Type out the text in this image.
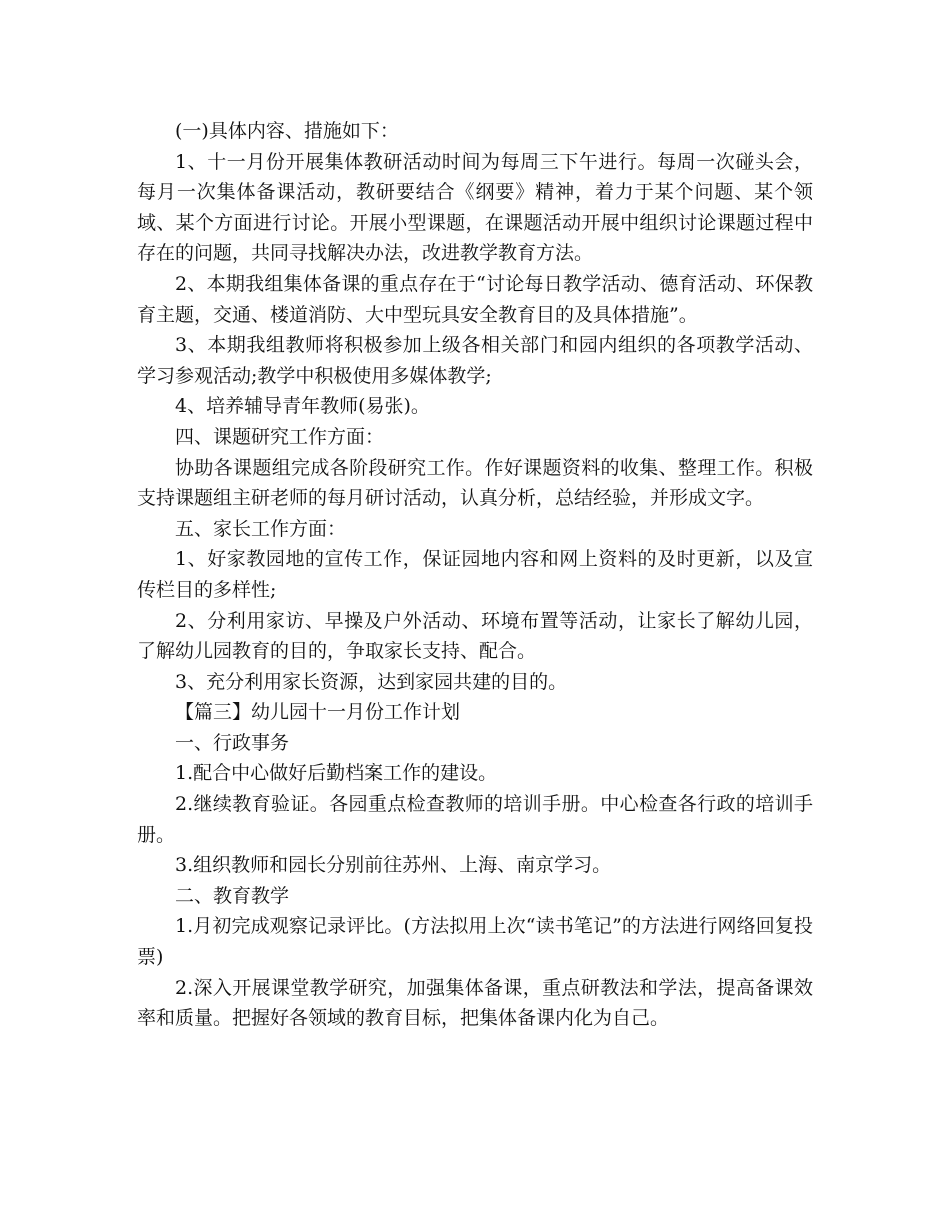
(一)具体内容、措施如下：

1、十一月份开展集体教研活动时间为每周三下午进行。每周一次碰头会，每月一次集体备课活动，教研要结合《纲要》精神，着力于某个问题、某个领域、某个方面进行讨论。开展小型课题，在课题活动开展中组织讨论课题过程中存在的问题，共同寻找解决办法，改进教学教育方法。

2、本期我组集体备课的重点存在于“讨论每日教学活动、德育活动、环保教育主题，交通、楼道消防、大中型玩具安全教育目的及具体措施”。

3、本期我组教师将积极参加上级各相关部门和园内组织的各项教学活动、学习参观活动;教学中积极使用多媒体教学;

4、培养辅导青年教师(易张)。

四、课题研究工作方面：

协助各课题组完成各阶段研究工作。作好课题资料的收集、整理工作。积极支持课题组主研老师的每月研讨活动，认真分析，总结经验，并形成文字。

五、家长工作方面：

1、好家教园地的宣传工作，保证园地内容和网上资料的及时更新，以及宣传栏目的多样性;

2、分利用家访、早操及户外活动、环境布置等活动，让家长了解幼儿园，了解幼儿园教育的目的，争取家长支持、配合。

3、充分利用家长资源，达到家园共建的目的。

【篇三】幼儿园十一月份工作计划

一、行政事务

1.配合中心做好后勤档案工作的建设。

2.继续教育验证。各园重点检查教师的培训手册。中心检查各行政的培训手册。

3.组织教师和园长分别前往苏州、上海、南京学习。

二、教育教学

1.月初完成观察记录评比。(方法拟用上次“读书笔记”的方法进行网络回复投票)

2.深入开展课堂教学研究，加强集体备课，重点研教法和学法，提高备课效率和质量。把握好各领域的教育目标，把集体备课内化为自己。
